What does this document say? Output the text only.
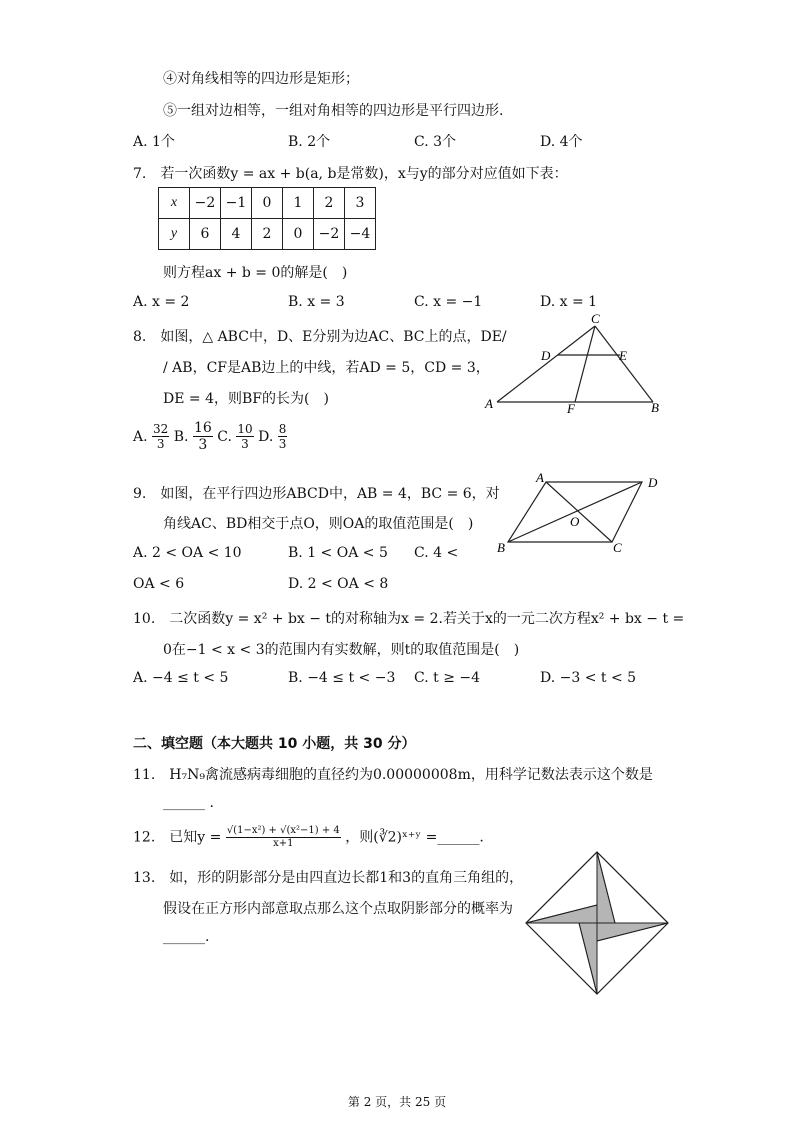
④对角线相等的四边形是矩形；
⑤一组对边相等，一组对角相等的四边形是平行四边形.
A. 1个	B. 2个	C. 3个	D. 4个
7.　若一次函数y = ax + b(a, b是常数)，x与y的部分对应值如下表：
x	−2	−1	0	1	2	3
y	6	4	2	0	−2	−4
则方程ax + b = 0的解是(　)
A. x = 2	B. x = 3	C. x = −1	D. x = 1
8.　如图，△ ABC中，D、E分别为边AC、BC上的点，DE/
/ AB，CF是AB边上的中线，若AD = 5，CD = 3，
DE = 4，则BF的长为(　)
A. $\frac{32}{3} B$. $\frac{16}{3} C$. $\frac{10}{3} D$. $\frac{8}{3}$
A	B
C
D	E
F
9.　如图，在平行四边形ABCD中，AB = 4，BC = 6，对
角线AC、BD相交于点O，则OA的取值范围是(　)
A. 2 < OA < 10	B. 1 < OA < 5 C. 4 <
OA < 6	D. 2 < OA < 8
A
B	C
D
O
10.　二次函数y = x² + bx − t的对称轴为x = 2.若关于x的一元二次方程x² + bx − t =
0在−1 < x < 3的范围内有实数解，则t的取值范围是(　)
A. −4 ≤ t < 5	B. −4 ≤ t < −3 C. t ≥ −4	D. −3 < t < 5
二、填空题（本大题共 10 小题，共 30 分）
11.　H₇N₉禽流感病毒细胞的直径约为0.00000008m，用科学记数法表示这个数是
______ .
12.　已知$y = \frac{\text{√(1−x²) + √(x²−1) + 4}}{x+1}$ ，则(∛2)ˣ⁺ʸ =______.
13.　如，形的阴影部分是由四直边长都1和3的直角三角组的，
假设在正方形内部意取点那么这个点取阴影部分的概率为
______.
第 2 页，共 25 页
